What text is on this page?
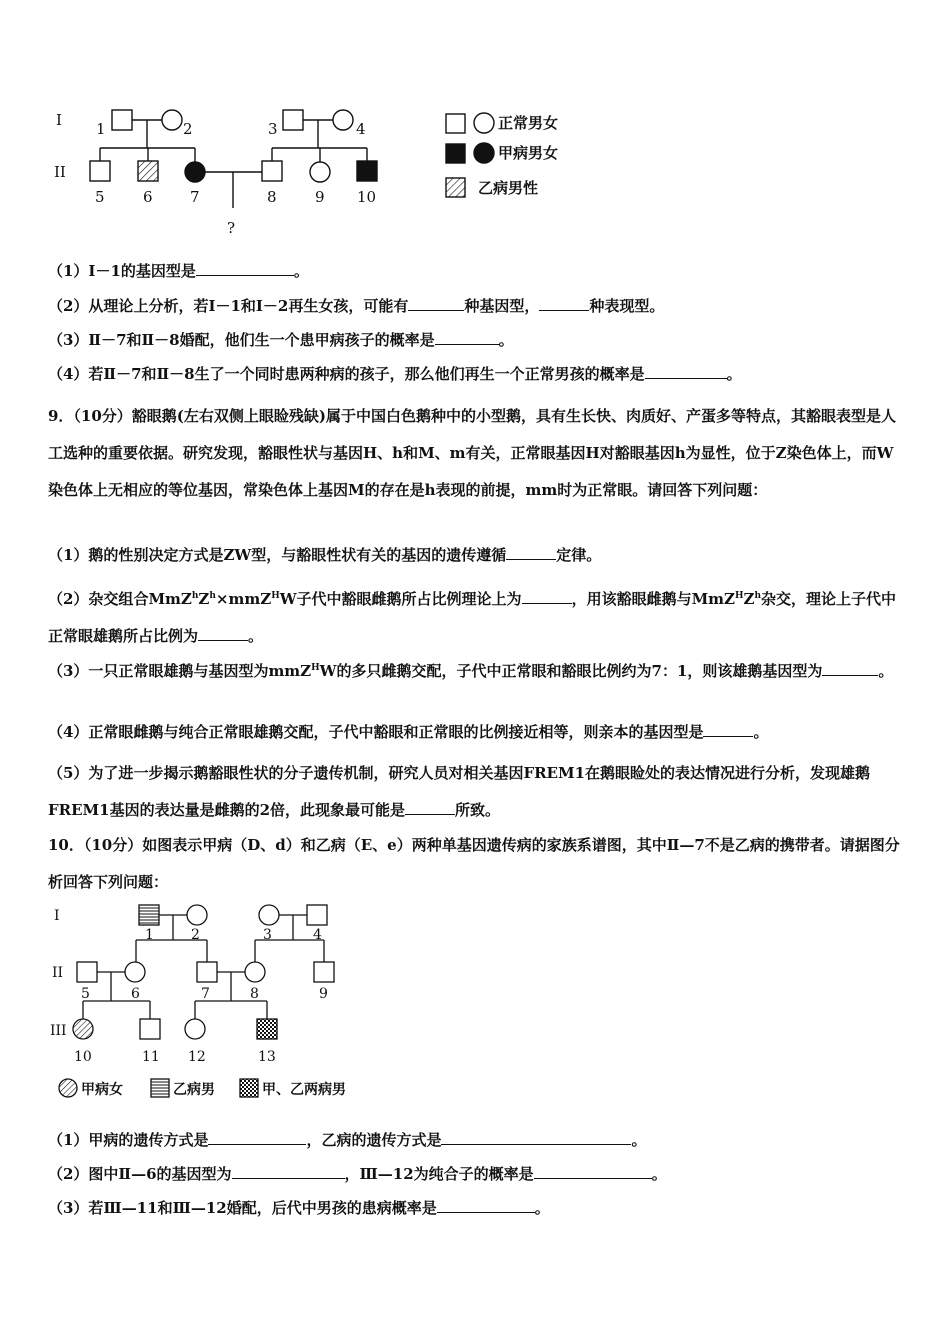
I
II
1	2	3	4
5	6 7	8	9 10
?
正常男女
甲病男女
乙病男性
（1）Ⅰ－1的基因型是	。
（2）从理论上分析，若Ⅰ－1和Ⅰ－2再生女孩，可能有	种基因型，	种表现型。
（3）Ⅱ－7和Ⅱ－8婚配，他们生一个患甲病孩子的概率是	。
（4）若Ⅱ－7和Ⅱ－8生了一个同时患两种病的孩子，那么他们再生一个正常男孩的概率是	。
9．（10分）豁眼鹅(左右双侧上眼睑残缺)属于中国白色鹅种中的小型鹅，具有生长快、肉质好、产蛋多等特点，其豁眼表型是人工选种的重要依据。研究发现，豁眼性状与基因H、h和M、m有关，正常眼基因H对豁眼基因h为显性，位于Z染色体上，而W染色体上无相应的等位基因，常染色体上基因M的存在是h表现的前提，mm时为正常眼。请回答下列问题：
（1）鹅的性别决定方式是ZW型，与豁眼性状有关的基因的遗传遵循	定律。
（2）杂交组合$MmZ^hZ^h\times mmZ^HW$子代中豁眼雌鹅所占比例理论上为	，用该豁眼雌鹅与$MmZ^HZ^h$杂交，理论上子代中正常眼雄鹅所占比例为	。
（3）一只正常眼雄鹅与基因型为mmZ$^H$W的多只雌鹅交配，子代中正常眼和豁眼比例约为7：1，则该雄鹅基因型为	。
（4）正常眼雌鹅与纯合正常眼雄鹅交配，子代中豁眼和正常眼的比例接近相等，则亲本的基因型是	。
（5）为了进一步揭示鹅豁眼性状的分子遗传机制，研究人员对相关基因FREM1在鹅眼睑处的表达情况进行分析，发现雄鹅FREM1基因的表达量是雌鹅的2倍，此现象最可能是	所致。
10．（10分）如图表示甲病（D、d）和乙病（E、e）两种单基因遗传病的家族系谱图，其中Ⅱ—7不是乙病的携带者。请据图分析回答下列问题：
I
II
III
1	2	3	4
5	6	7	8	9
10	11 12	13
甲病女	乙病男	甲、乙两病男
（1）甲病的遗传方式是	，乙病的遗传方式是	。
（2）图中Ⅱ—6的基因型为	，Ⅲ—12为纯合子的概率是	。
（3）若Ⅲ—11和Ⅲ—12婚配，后代中男孩的患病概率是	。
